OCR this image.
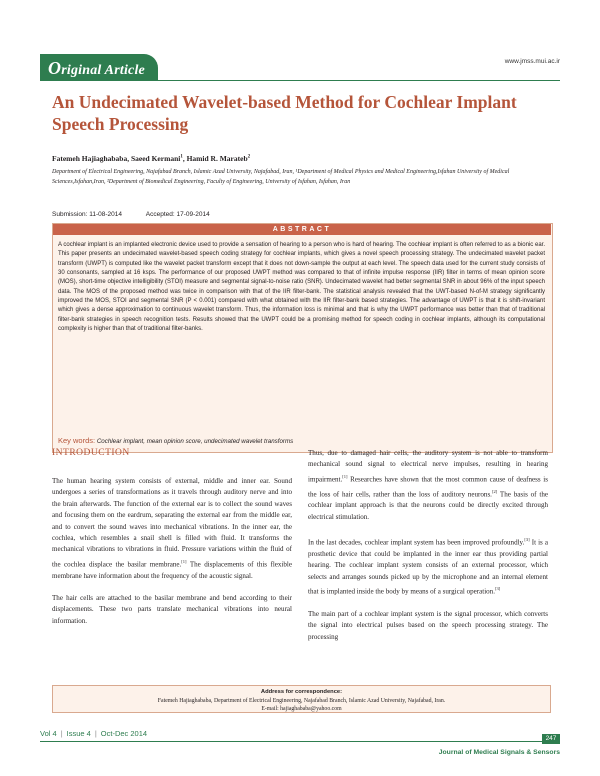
Original Article
www.jmss.mui.ac.ir
An Undecimated Wavelet-based Method for Cochlear Implant Speech Processing
Fatemeh Hajiaghababa, Saeed Kermani$^1$, Hamid R. Marateb$^2$
Department of Electrical Engineering, Najafabad Branch, Islamic Azad University, Najafabad, Iran, ¹Department of Medical Physics and Medical Engineering,Isfahan University of Medical Sciences,Isfahan,Iran, ²Department of Biomedical Engineering, Faculty of Engineering, University of Isfahan, Isfahan, Iran
Submission: 11-08-2014	Accepted: 17-09-2014
ABSTRACT
A cochlear implant is an implanted electronic device used to provide a sensation of hearing to a person who is hard of hearing. The cochlear implant is often referred to as a bionic ear. This paper presents an undecimated wavelet-based speech coding strategy for cochlear implants, which gives a novel speech processing strategy. The undecimated wavelet packet transform (UWPT) is computed like the wavelet packet transform except that it does not down-sample the output at each level. The speech data used for the current study consists of 30 consonants, sampled at 16 ksps. The performance of our proposed UWPT method was compared to that of infinite impulse response (IIR) filter in terms of mean opinion score (MOS), short-time objective intelligibility (STOI) measure and segmental signal-to-noise ratio (SNR). Undecimated wavelet had better segmental SNR in about 96% of the input speech data. The MOS of the proposed method was twice in comparison with that of the IIR filter-bank. The statistical analysis revealed that the UWT-based N-of-M strategy significantly improved the MOS, STOI and segmental SNR (P < 0.001) compared with what obtained with the IIR filter-bank based strategies. The advantage of UWPT is that it is shift-invariant which gives a dense approximation to continuous wavelet transform. Thus, the information loss is minimal and that is why the UWPT performance was better than that of traditional filter-bank strategies in speech recognition tests. Results showed that the UWPT could be a promising method for speech coding in cochlear implants, although its computational complexity is higher than that of traditional filter-banks.
Key words: Cochlear implant, mean opinion score, undecimated wavelet transforms
INTRODUCTION

The human hearing system consists of external, middle and inner ear. Sound undergoes a series of transformations as it travels through auditory nerve and into the brain afterwards. The function of the external ear is to collect the sound waves and focusing them on the eardrum, separating the external ear from the middle ear, and to convert the sound waves into mechanical vibrations. In the inner ear, the cochlea, which resembles a snail shell is filled with fluid. It transforms the mechanical vibrations to vibrations in fluid. Pressure variations within the fluid of the cochlea displace the basilar membrane.[1] The displacements of this flexible membrane have information about the frequency of the acoustic signal.

The hair cells are attached to the basilar membrane and bend according to their displacements. These two parts translate mechanical vibrations into neural information.

Thus, due to damaged hair cells, the auditory system is not able to transform mechanical sound signal to electrical nerve impulses, resulting in hearing impairment.[1] Researches have shown that the most common cause of deafness is the loss of hair cells, rather than the loss of auditory neurons.[2] The basis of the cochlear implant approach is that the neurons could be directly excited through electrical stimulation.

In the last decades, cochlear implant system has been improved profoundly.[3] It is a prosthetic device that could be implanted in the inner ear thus providing partial hearing. The cochlear implant system consists of an external processor, which selects and arranges sounds picked up by the microphone and an internal element that is implanted inside the body by means of a surgical operation.[3]

The main part of a cochlear implant system is the signal processor, which converts the signal into electrical pulses based on the speech processing strategy. The processing

Address for correspondence:
Fatemeh Hajiaghababa, Department of Electrical Engineering, Najafabad Branch, Islamic Azad University, Najafabad, Iran.
E-mail: hajiaghababa@yahoo.com
Vol 4 | Issue 4 | Oct-Dec 2014
247
Journal of Medical Signals & Sensors
